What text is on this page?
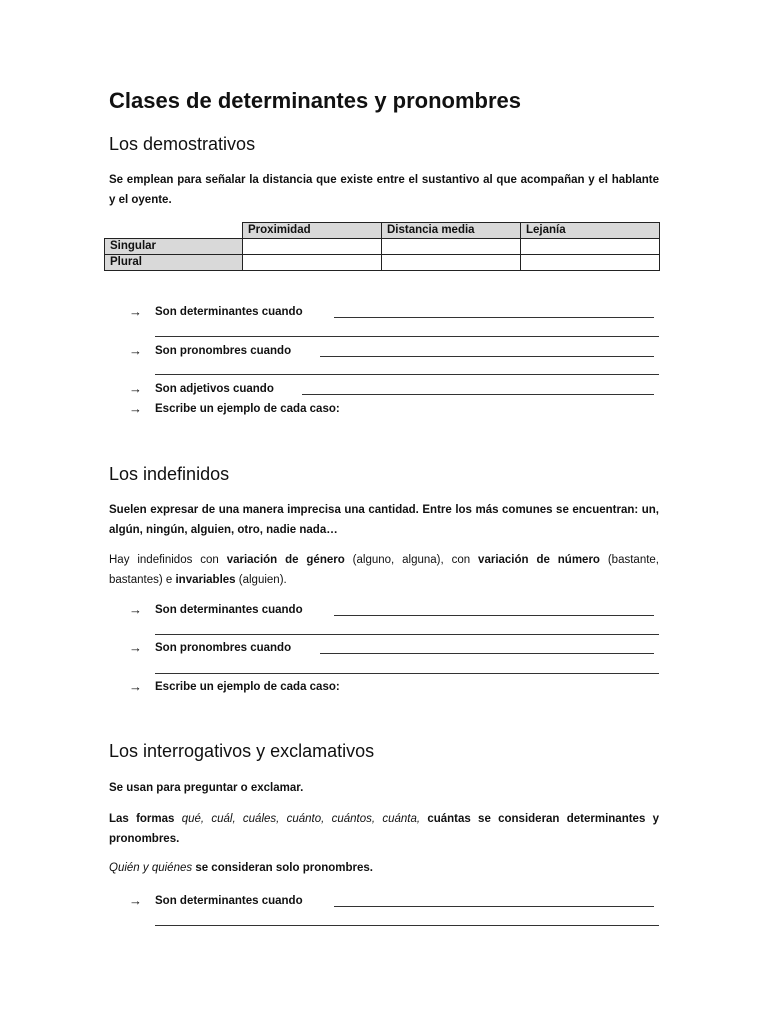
Clases de determinantes y pronombres
Los demostrativos

Se emplean para señalar la distancia que existe entre el sustantivo al que acompañan y el hablante y el oyente.

	Proximidad	Distancia media	Lejanía
Singular			
Plural			
→ Son determinantes cuando
→ Son pronombres cuando
→ Son adjetivos cuando
→ Escribe un ejemplo de cada caso:
Los indefinidos

Suelen expresar de una manera imprecisa una cantidad. Entre los más comunes se encuentran: un, algún, ningún, alguien, otro, nadie nada…

Hay indefinidos con variación de género (alguno, alguna), con variación de número (bastante, bastantes) e invariables (alguien).

→ Son determinantes cuando
→ Son pronombres cuando
→ Escribe un ejemplo de cada caso:
Los interrogativos y exclamativos

Se usan para preguntar o exclamar.

Las formas qué, cuál, cuáles, cuánto, cuántos, cuánta, cuántas se consideran determinantes y pronombres.

Quién y quiénes se consideran solo pronombres.

→ Son determinantes cuando
